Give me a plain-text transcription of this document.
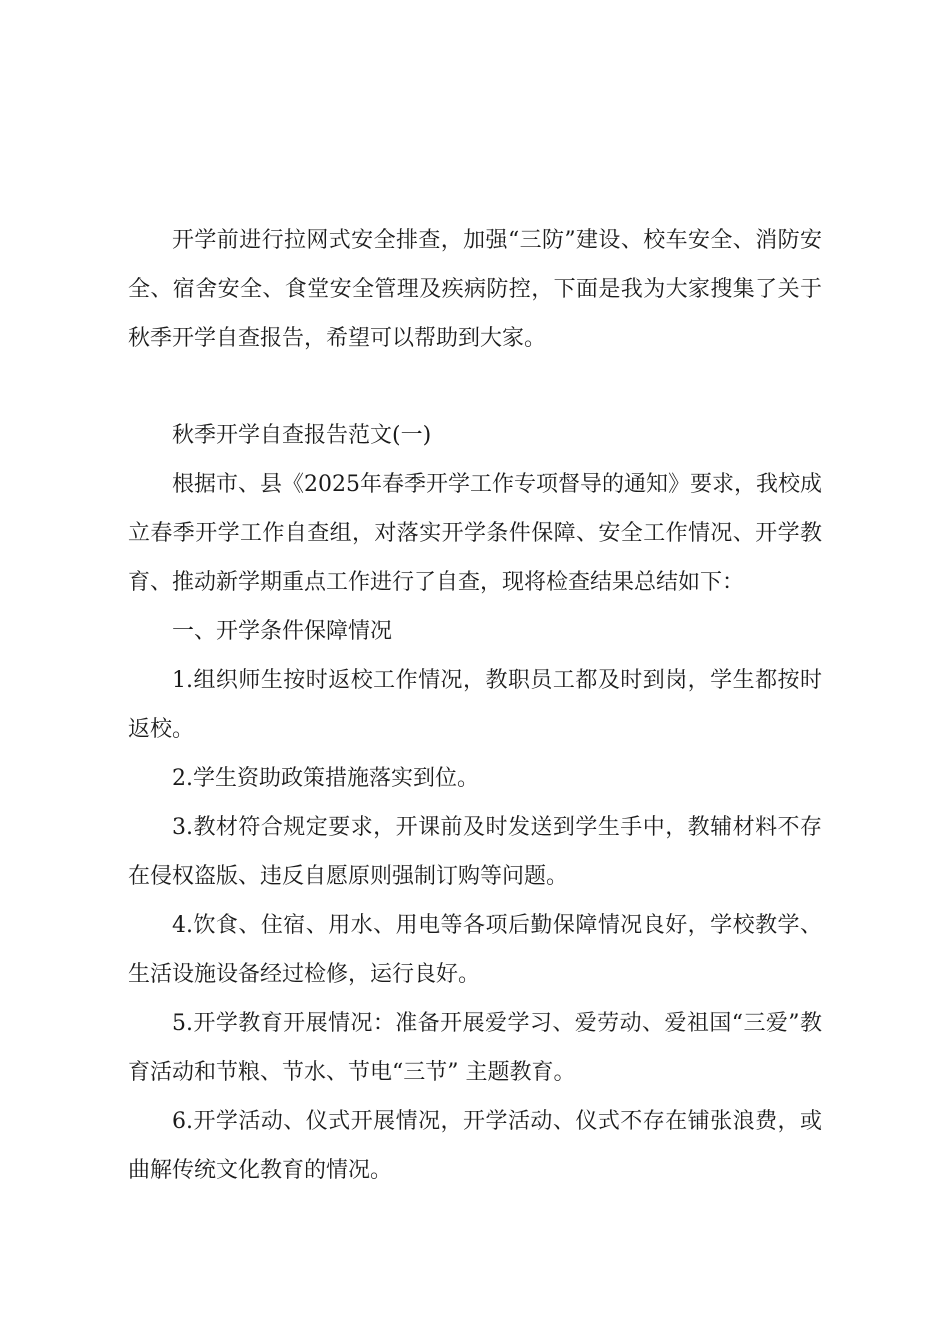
开学前进行拉网式安全排查，加强“三防”建设、校车安全、消防安全、宿舍安全、食堂安全管理及疾病防控，下面是我为大家搜集了关于秋季开学自查报告，希望可以帮助到大家。

秋季开学自查报告范文(一)

根据市、县《2025年春季开学工作专项督导的通知》要求，我校成立春季开学工作自查组，对落实开学条件保障、安全工作情况、开学教育、推动新学期重点工作进行了自查，现将检查结果总结如下：

一、开学条件保障情况

1.组织师生按时返校工作情况，教职员工都及时到岗，学生都按时返校。

2.学生资助政策措施落实到位。

3.教材符合规定要求，开课前及时发送到学生手中，教辅材料不存在侵权盗版、违反自愿原则强制订购等问题。

4.饮食、住宿、用水、用电等各项后勤保障情况良好，学校教学、生活设施设备经过检修，运行良好。

5.开学教育开展情况：准备开展爱学习、爱劳动、爱祖国“三爱”教育活动和节粮、节水、节电“三节” 主题教育。

6.开学活动、仪式开展情况，开学活动、仪式不存在铺张浪费，或曲解传统文化教育的情况。
